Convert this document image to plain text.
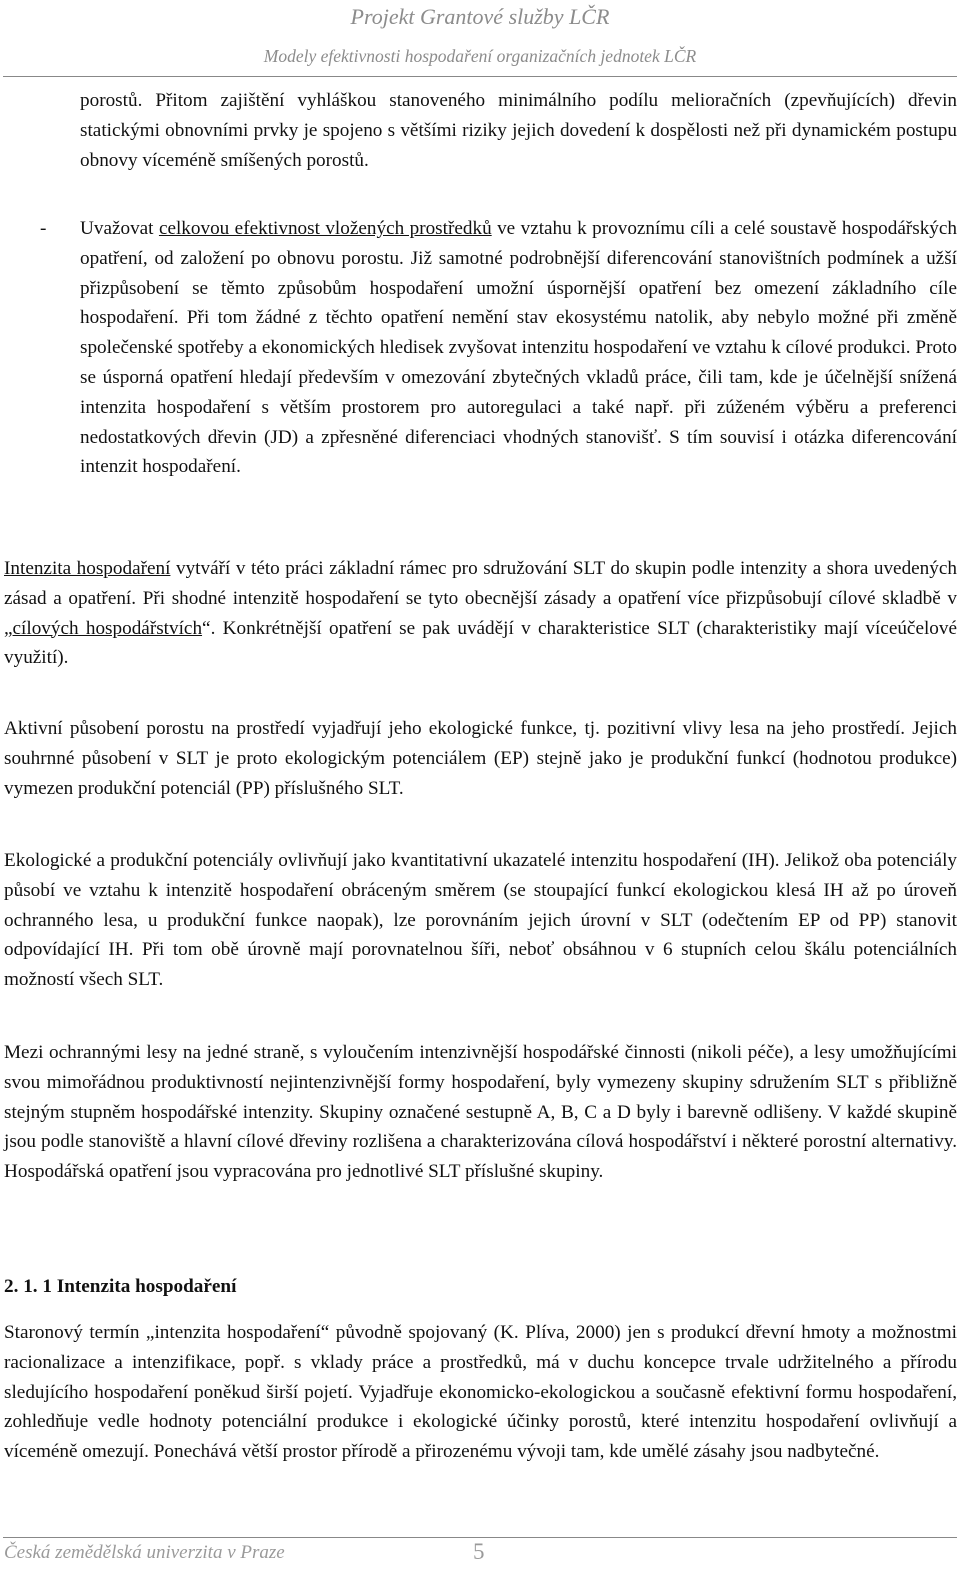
Projekt Grantové služby LČR
Modely efektivnosti hospodaření organizačních jednotek LČR

porostů. Přitom zajištění vyhláškou stanoveného minimálního podílu melioračních (zpevňujících) dřevin statickými obnovními prvky je spojeno s většími riziky jejich dovedení k dospělosti než při dynamickém postupu obnovy víceméně smíšených porostů.

- Uvažovat celkovou efektivnost vložených prostředků ve vztahu k provoznímu cíli a celé soustavě hospodářských opatření, od založení po obnovu porostu. Již samotné podrobnější diferencování stanovištních podmínek a užší přizpůsobení se těmto způsobům hospodaření umožní úspornější opatření bez omezení základního cíle hospodaření. Při tom žádné z těchto opatření nemění stav ekosystému natolik, aby nebylo možné při změně společenské spotřeby a ekonomických hledisek zvyšovat intenzitu hospodaření ve vztahu k cílové produkci. Proto se úsporná opatření hledají především v omezování zbytečných vkladů práce, čili tam, kde je účelnější snížená intenzita hospodaření s větším prostorem pro autoregulaci a také např. při zúženém výběru a preferenci nedostatkových dřevin (JD) a zpřesněné diferenciaci vhodných stanovišť. S tím souvisí i otázka diferencování intenzit hospodaření.

Intenzita hospodaření vytváří v této práci základní rámec pro sdružování SLT do skupin podle intenzity a shora uvedených zásad a opatření. Při shodné intenzitě hospodaření se tyto obecnější zásady a opatření více přizpůsobují cílové skladbě v „cílových hospodářstvích“. Konkrétnější opatření se pak uvádějí v charakteristice SLT (charakteristiky mají víceúčelové využití).

Aktivní působení porostu na prostředí vyjadřují jeho ekologické funkce, tj. pozitivní vlivy lesa na jeho prostředí. Jejich souhrnné působení v SLT je proto ekologickým potenciálem (EP) stejně jako je produkční funkcí (hodnotou produkce) vymezen produkční potenciál (PP) příslušného SLT.

Ekologické a produkční potenciály ovlivňují jako kvantitativní ukazatelé intenzitu hospodaření (IH). Jelikož oba potenciály působí ve vztahu k intenzitě hospodaření obráceným směrem (se stoupající funkcí ekologickou klesá IH až po úroveň ochranného lesa, u produkční funkce naopak), lze porovnáním jejich úrovní v SLT (odečtením EP od PP) stanovit odpovídající IH. Při tom obě úrovně mají porovnatelnou šíři, neboť obsáhnou v 6 stupních celou škálu potenciálních možností všech SLT.

Mezi ochrannými lesy na jedné straně, s vyloučením intenzivnější hospodářské činnosti (nikoli péče), a lesy umožňujícími svou mimořádnou produktivností nejintenzivnější formy hospodaření, byly vymezeny skupiny sdružením SLT s přibližně stejným stupněm hospodářské intenzity. Skupiny označené sestupně A, B, C a D byly i barevně odlišeny. V každé skupině jsou podle stanoviště a hlavní cílové dřeviny rozlišena a charakterizována cílová hospodářství i některé porostní alternativy. Hospodářská opatření jsou vypracována pro jednotlivé SLT příslušné skupiny.

2. 1. 1 Intenzita hospodaření

Staronový termín „intenzita hospodaření“ původně spojovaný (K. Plíva, 2000) jen s produkcí dřevní hmoty a možnostmi racionalizace a intenzifikace, popř. s vklady práce a prostředků, má v duchu koncepce trvale udržitelného a přírodu sledujícího hospodaření poněkud širší pojetí. Vyjadřuje ekonomicko-ekologickou a současně efektivní formu hospodaření, zohledňuje vedle hodnoty potenciální produkce i ekologické účinky porostů, které intenzitu hospodaření ovlivňují a víceméně omezují. Ponechává větší prostor přírodě a přirozenému vývoji tam, kde umělé zásahy jsou nadbytečné.

Česká zemědělská univerzita v Praze	5
